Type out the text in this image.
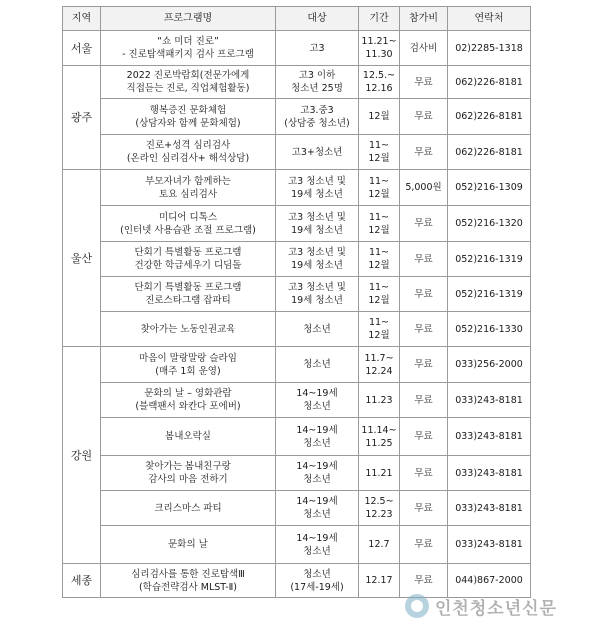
지역	프로그램명	대상	기간	참가비	연락처
서울	“쇼 미더 진로”
- 진로탐색패키지 검사 프로그램	고3	11.21~
11.30	검사비	02)2285-1318
광주	2022 진로박람회(전문가에게
직접듣는 진로, 직업체험활동)	고3 이하
청소년 25명	12.5.~
12.16	무료	062)226-8181
	행복증진 문화체험
(상담자와 함께 문화체험)	고3.중3
(상담중 청소년)	12월	무료	062)226-8181
	진로+성격 심리검사
(온라인 심리검사+ 해석상담)	고3+청소년	11~
12월	무료	062)226-8181
울산	부모자녀가 함께하는
토요 심리검사	고3 청소년 및
19세 청소년	11~
12월	5,000원	052)216-1309
	미디어 디톡스
(인터넷 사용습관 조절 프로그램)	고3 청소년 및
19세 청소년	11~
12월	무료	052)216-1320
	단회기 특별활동 프로그램
건강한 학급세우기 디딤돌	고3 청소년 및
19세 청소년	11~
12월	무료	052)216-1319
	단회기 특별활동 프로그램
진로스타그램 잡파티	고3 청소년 및
19세 청소년	11~
12월	무료	052)216-1319
	찾아가는 노동인권교육	청소년	11~
12월	무료	052)216-1330
강원	마음이 말랑말랑 슬라임
(매주 1회 운영)	청소년	11.7~
12.24	무료	033)256-2000
	문화의 날 – 영화관람
(블랙팬서 와칸다 포에버)	14~19세
청소년	11.23	무료	033)243-8181
	봄내오락실	14~19세
청소년	11.14~
11.25	무료	033)243-8181
	찾아가는 봄내친구랑
감사의 마음 전하기	14~19세
청소년	11.21	무료	033)243-8181
	크리스마스 파티	14~19세
청소년	12.5~
12.23	무료	033)243-8181
	문화의 날	14~19세
청소년	12.7	무료	033)243-8181
세종	심리검사를 통한 진로탐색Ⅲ
(학습전략검사 MLST-Ⅱ)	청소년
(17세-19세)	12.17	무료	044)867-2000
인천청소년신문
